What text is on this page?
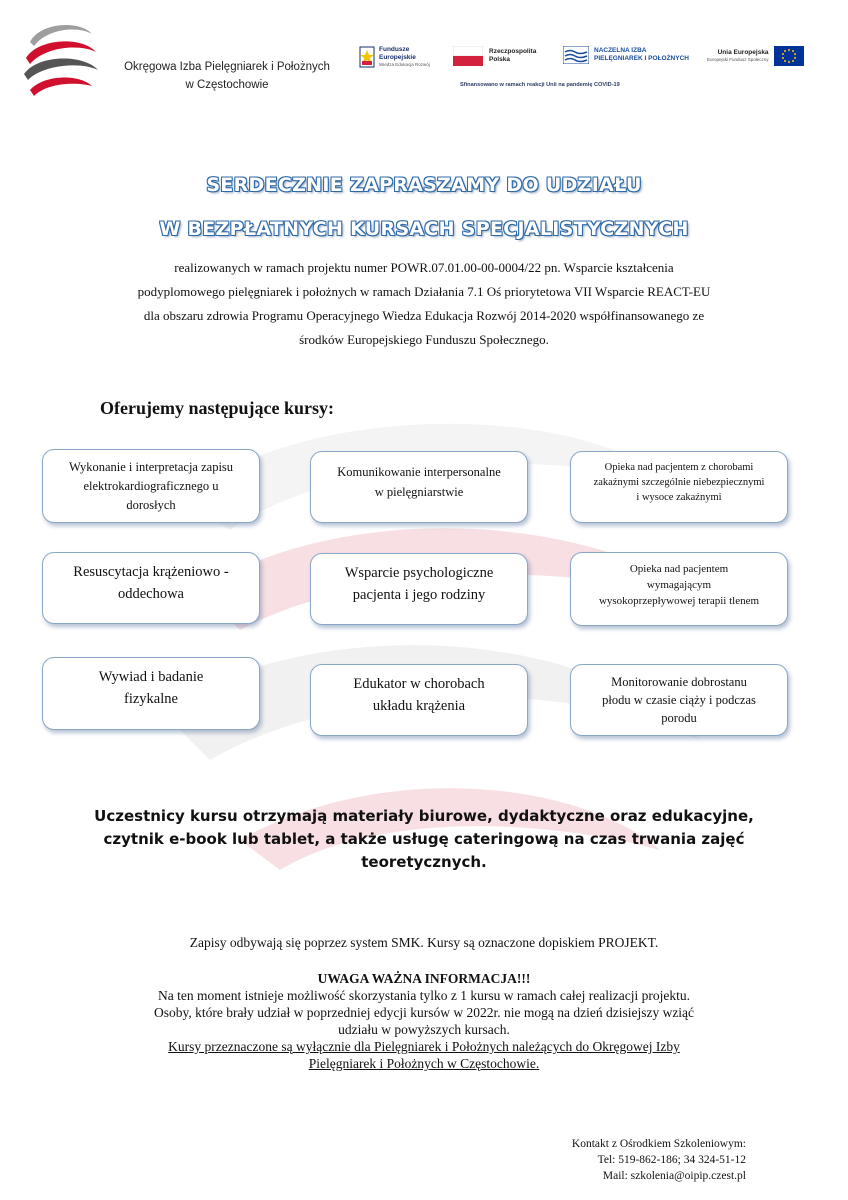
Okręgowa Izba Pielęgniarek i Położnych
w Częstochowie
Fundusze
Europejskie
Wiedza Edukacja Rozwój
Rzeczpospolita
Polska
NACZELNA IZBA
PIELĘGNIAREK I POŁOŻNYCH
Unia Europejska
Europejski Fundusz Społeczny
Sfinansowano w ramach reakcji Unii na pandemię COVID-19
SERDECZNIE ZAPRASZAMY DO UDZIAŁU
W BEZPŁATNYCH KURSACH SPECJALISTYCZNYCH
realizowanych w ramach projektu numer POWR.07.01.00-00-0004/22 pn. Wsparcie kształcenia
podyplomowego pielęgniarek i położnych w ramach Działania 7.1 Oś priorytetowa VII Wsparcie REACT-EU
dla obszaru zdrowia Programu Operacyjnego Wiedza Edukacja Rozwój 2014-2020 współfinansowanego ze
środków Europejskiego Funduszu Społecznego.
Oferujemy następujące kursy:
Wykonanie i interpretacja zapisu
elektrokardiograficznego u
dorosłych
Komunikowanie interpersonalne
w pielęgniarstwie
Opieka nad pacjentem z chorobami
zakaźnymi szczególnie niebezpiecznymi
i wysoce zakaźnymi
Resuscytacja krążeniowo -
oddechowa
Wsparcie psychologiczne
pacjenta i jego rodziny
Opieka nad pacjentem
wymagającym
wysokoprzepływowej terapii tlenem
Wywiad i badanie
fizykalne
Edukator w chorobach
układu krążenia
Monitorowanie dobrostanu
płodu w czasie ciąży i podczas
porodu
Uczestnicy kursu otrzymają materiały biurowe, dydaktyczne oraz edukacyjne,
czytnik e-book lub tablet, a także usługę cateringową na czas trwania zajęć
teoretycznych.
Zapisy odbywają się poprzez system SMK. Kursy są oznaczone dopiskiem PROJEKT.
UWAGA WAŻNA INFORMACJA!!!
Na ten moment istnieje możliwość skorzystania tylko z 1 kursu w ramach całej realizacji projektu.
Osoby, które brały udział w poprzedniej edycji kursów w 2022r. nie mogą na dzień dzisiejszy wziąć
udziału w powyższych kursach.
Kursy przeznaczone są wyłącznie dla Pielęgniarek i Położnych należących do Okręgowej Izby
Pielęgniarek i Położnych w Częstochowie.
Kontakt z Ośrodkiem Szkoleniowym:
Tel: 519-862-186; 34 324-51-12
Mail: szkolenia@oipip.czest.pl
